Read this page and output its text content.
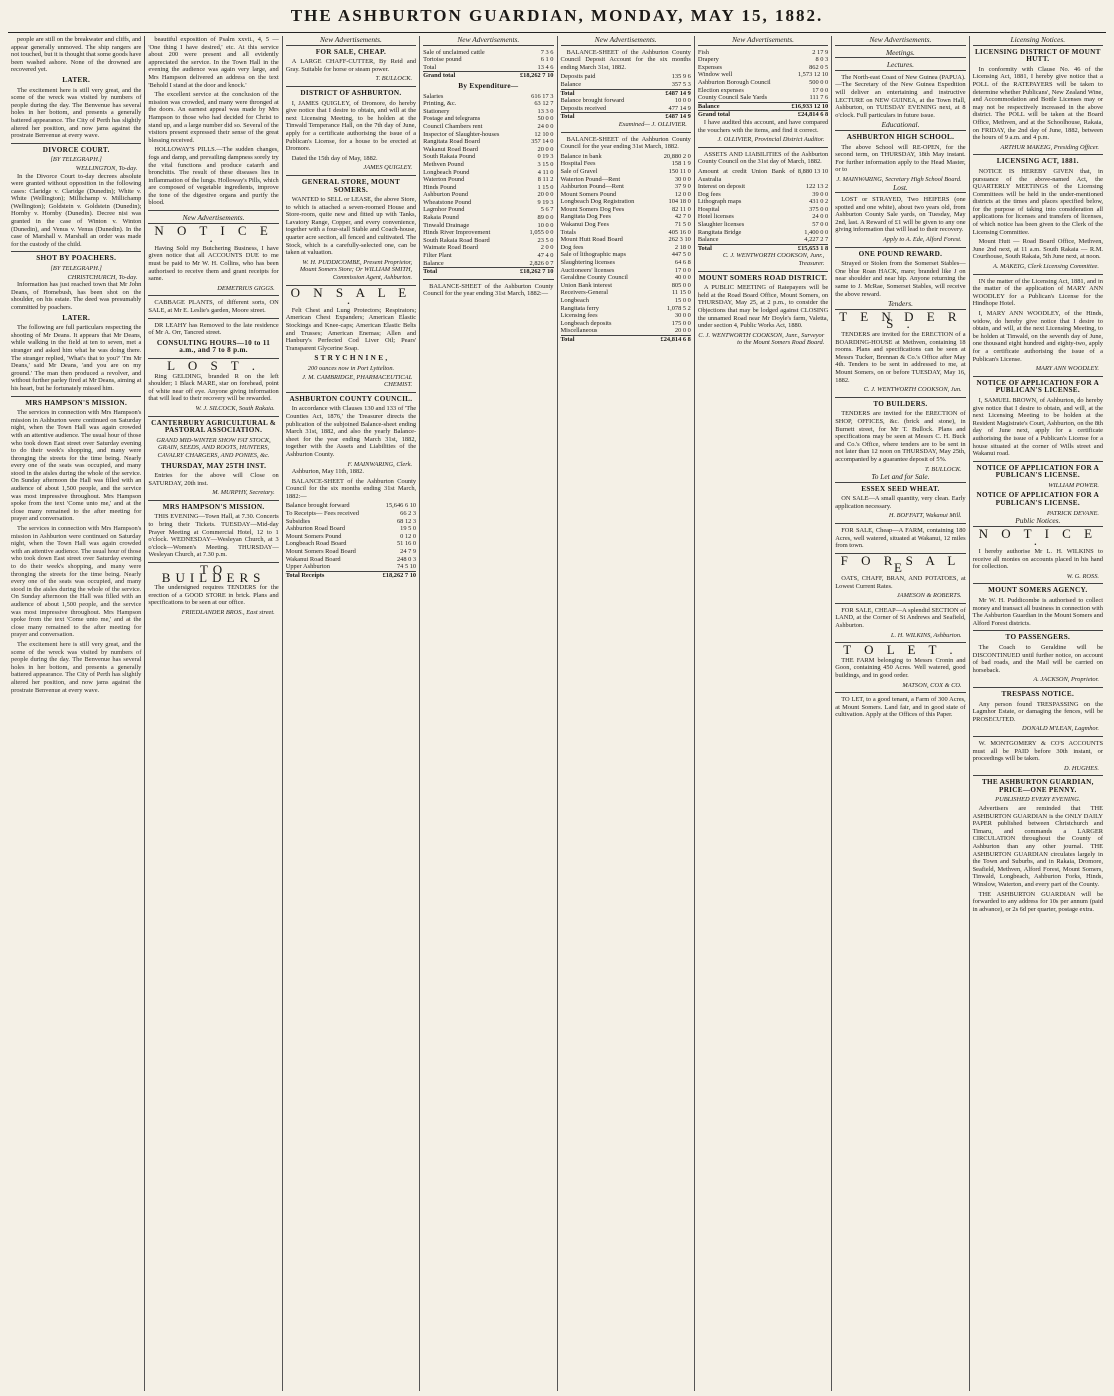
THE ASHBURTON GUARDIAN, MONDAY, MAY 15, 1882.

people are still on the breakwater and cliffs, and appear generally unmoved. The ship rangers are not touched, but it is thought that some goods have been washed ashore. None of the drowned are recovered yet.

LATER.

The excitement here is still very great, and the scene of the wreck was visited by numbers of people during the day. The Benvenue has several holes in her bottom, and presents a generally battered appearance. The City of Perth has slightly altered her position, and now jams against the prostrate Benvenue at every wave.

DIVORCE COURT.
[BY TELEGRAPH.]
WELLINGTON, To-day.

In the Divorce Court to-day decrees absolute were granted without opposition in the following cases: Claridge v. Claridge (Dunedin); White v. White (Wellington); Millichamp v. Millichamp (Wellington); Goldstein v. Goldstein (Dunedin); Hornby v. Hornby (Dunedin). Decree nisi was granted in the case of Winton v. Winton (Dunedin), and Venus v. Venus (Dunedin). In the case of Marshall v. Marshall an order was made for the custody of the child.

SHOT BY POACHERS.
[BY TELEGRAPH.]
CHRISTCHURCH, To-day.

Information has just reached town that Mr John Deans, of Homebush, has been shot on the shoulder, on his estate. The deed was presumably committed by poachers.

LATER.

The following are full particulars respecting the shooting of Mr Deans. It appears that Mr Deans, while walking in the field at ten to seven, met a stranger and asked him what he was doing there. The stranger replied, 'What's that to you?' 'I'm Mr Deans,' said Mr Deans, 'and you are on my ground.' The man then produced a revolver, and without further parley fired at Mr Deans, aiming at his heart, but he fortunately missed him.

MRS HAMPSON'S MISSION.

The services in connection with Mrs Hampson's mission in Ashburton were continued on Saturday night, when the Town Hall was again crowded with an attentive audience. The usual hour of those who took down East street over Saturday evening to do their week's shopping, and many were thronging the streets for the time being. Nearly every one of the seats was occupied, and many stood in the aisles during the whole of the service. On Sunday afternoon the Hall was filled with an audience of about 1,500 people, and the service was most impressive throughout. Mrs Hampson spoke from the text 'Come unto me,' and at the close many remained to the after meeting for prayer and conversation.

The services in connection with Mrs Hampson's mission in Ashburton were continued on Saturday night, when the Town Hall was again crowded with an attentive audience. The usual hour of those who took down East street over Saturday evening to do their week's shopping, and many were thronging the streets for the time being. Nearly every one of the seats was occupied, and many stood in the aisles during the whole of the service. On Sunday afternoon the Hall was filled with an audience of about 1,500 people, and the service was most impressive throughout. Mrs Hampson spoke from the text 'Come unto me,' and at the close many remained to the after meeting for prayer and conversation.

The excitement here is still very great, and the scene of the wreck was visited by numbers of people during the day. The Benvenue has several holes in her bottom, and presents a generally battered appearance. The City of Perth has slightly altered her position, and now jams against the prostrate Benvenue at every wave.

beautiful exposition of Psalm xxvii., 4, 5 — 'One thing I have desired,' etc. At this service about 200 were present and all evidently appreciated the service. In the Town Hall in the evening the audience was again very large, and Mrs Hampson delivered an address on the text 'Behold I stand at the door and knock.'

The excellent service at the conclusion of the mission was crowded, and many were thronged at the doors. An earnest appeal was made by Mrs Hampson to those who had decided for Christ to stand up, and a large number did so. Several of the visitors present expressed their sense of the great blessing received.

HOLLOWAY'S PILLS.—The sudden changes, fogs and damp, and prevailing dampness sorely try the vital functions and produce catarrh and bronchitis. The result of these diseases lies in inflammation of the lungs. Holloway's Pills, which are composed of vegetable ingredients, improve the tone of the digestive organs and purify the blood.

New Advertisements.
N O T I C E .

Having Sold my Butchering Business, I have given notice that all ACCOUNTS DUE to me must be paid to Mr W. H. Collins, who has been authorised to receive them and grant receipts for same.

DEMETRIUS GIGGS.

CABBAGE PLANTS, of different sorts, ON SALE, at Mr E. Leslie's garden, Moore street.

DR LEAHY has Removed to the late residence of Mr A. Orr, Tancred street.

CONSULTING HOURS—10 to 11 a.m., and 7 to 8 p.m.
L O S T .

Ring GELDING, branded R on the left shoulder; 1 Black MARE, star on forehead, point of white near off eye. Anyone giving information that will lead to their recovery will be rewarded.

W. J. SILCOCK, South Rakaia.
CANTERBURY AGRICULTURAL & PASTORAL ASSOCIATION.
GRAND MID-WINTER SHOW FAT STOCK, GRAIN, SEEDS, AND ROOTS, HUNTERS, CAVALRY CHARGERS, AND PONIES, &c.
THURSDAY, MAY 25TH INST.

Entries for the above will Close on SATURDAY, 20th inst.

M. MURPHY, Secretary.
MRS HAMPSON'S MISSION.

THIS EVENING—Town Hall, at 7.30. Concerts to bring their Tickets. TUESDAY—Mid-day Prayer Meeting at Commercial Hotel, 12 to 1 o'clock. WEDNESDAY—Wesleyan Church, at 3 o'clock—Women's Meeting. THURSDAY—Wesleyan Church, at 7.30 p.m.

TO BUILDERS

The undersigned requires TENDERS for the erection of a GOOD STORE in brick. Plans and specifications to be seen at our office.

FRIEDLANDER BROS., East street.
New Advertisements.
FOR SALE, CHEAP.

A LARGE CHAFF-CUTTER, By Reid and Gray. Suitable for horse or steam power.

T. BULLOCK.
DISTRICT OF ASHBURTON.

I, JAMES QUIGLEY, of Dromore, do hereby give notice that I desire to obtain, and will at the next Licensing Meeting, to be holden at the Tinwald Temperance Hall, on the 7th day of June, apply for a certificate authorising the issue of a Publican's License, for a house to be erected at Dromore.

Dated the 15th day of May, 1882.

JAMES QUIGLEY.
GENERAL STORE, MOUNT SOMERS.

WANTED to SELL or LEASE, the above Store, to which is attached a seven-roomed House and Store-room, quite new and fitted up with Tanks, Lavatory Range, Copper, and every convenience, together with a four-stall Stable and Coach-house, quarter acre section, all fenced and cultivated. The Stock, which is a carefully-selected one, can be taken at valuation.

W. H. PUDDICOMBE, Present Proprietor, Mount Somers Store; Or WILLIAM SMITH, Commission Agent, Ashburton.
O N S A L E .

Felt Chest and Lung Protectors; Respirators; American Chest Expanders; American Elastic Stockings and Knee-caps; American Elastic Belts and Trusses; American Enemas; Allen and Hanbury's Perfected Cod Liver Oil; Pears' Transparent Glycerine Soap.

S T R Y C H N I N E ,
200 ounces now in Port Lyttelton.
J. M. CAMBRIDGE, PHARMACEUTICAL CHEMIST.
ASHBURTON COUNTY COUNCIL.

In accordance with Clauses 130 and 133 of 'The Counties Act, 1876,' the Treasurer directs the publication of the subjoined Balance-sheet ending March 31st, 1882, and also the yearly Balance-sheet for the year ending March 31st, 1882, together with the Assets and Liabilities of the Ashburton County.

F. MAINWARING, Clerk.

Ashburton, May 11th, 1882.

BALANCE-SHEET of the Ashburton County Council for the six months ending 31st March, 1882:—

Balance brought forward	15,646 6 10
To Receipts— Fees received	66 2 3
Subsidies	68 12 3
Ashburton Road Board	19 5 0
Mount Somers Pound	0 12 0
Longbeach Road Board	51 16 0
Mount Somers Road Board	24 7 9
Wakanui Road Board	248 0 3
Upper Ashburton	74 5 10
Total Receipts	£18,262 7 10
New Advertisements.
Sale of unclaimed cattle	7 3 6
Tortoise pound	6 1 0
Total	13 4 6
Grand total	£18,262 7 10
By Expenditure—
Salaries	616 17 3
Printing, &c.	63 12 7
Stationery	13 3 0
Postage and telegrams	50 0 0
Council Chambers rent	24 0 0
Inspector of Slaughter-houses	12 10 0
Rangitata Road Board	357 14 0
Wakanui Road Board	20 0 0
South Rakaia Pound	0 19 3
Methven Pound	3 15 0
Longbeach Pound	4 11 0
Waterton Pound	8 11 2
Hinds Pound	1 15 0
Ashburton Pound	20 0 0
Wheatstone Pound	9 19 3
Lagmhor Pound	5 6 7
Rakaia Pound	89 0 0
Tinwald Drainage	10 0 0
Hinds River Improvement	1,055 0 0
South Rakaia Road Board	23 5 0
Waimate Road Board	2 0 0
Filter Plant	47 4 0
Balance	2,826 0 7
Total	£18,262 7 10

BALANCE-SHEET of the Ashburton County Council for the year ending 31st March, 1882:—

New Advertisements.

BALANCE-SHEET of the Ashburton County Council Deposit Account for the six months ending March 31st, 1882.

Deposits paid	135 9 6
Balance	357 5 3
Total	£487 14 9
Balance brought forward	10 0 0
Deposits received	477 14 9
Total	£487 14 9
Examined— J. OLLIVIER.

BALANCE-SHEET of the Ashburton County Council for the year ending 31st March, 1882.

Balance in bank	20,880 2 0
Hospital Fees	158 1 9
Sale of Gravel	150 11 0
Waterton Pound—Rent	30 0 0
Ashburton Pound—Rent	37 9 0
Mount Somers Pound	12 0 0
Longbeach Dog Registration	104 18 0
Mount Somers Dog Fees	82 11 0
Rangitata Dog Fees	42 7 0
Wakanui Dog Fees	71 5 0
Totals	405 16 0
Mount Hutt Road Board	262 3 10
Dog fees	2 18 0
Sale of lithographic maps	447 5 0
Slaughtering licenses	64 6 8
Auctioneers' licenses	17 0 0
Geraldine County Council	40 0 0
Union Bank interest	805 0 0
Receivers-General	11 15 0
Longbeach	15 0 0
Rangitata ferry	1,078 5 2
Licensing fees	30 0 0
Longbeach deposits	175 0 0
Miscellaneous	20 0 0
Total	£24,814 6 8
New Advertisements.
Fish	2 17 9
Drapery	8 0 3
Expenses	862 0 5
Window well	1,573 12 10
Ashburton Borough Council	500 0 0
Election expenses	17 0 0
County Council Sale Yards	111 7 6
Balance	£16,933 12 10
Grand total	£24,814 6 8

I have audited this account, and have compared the vouchers with the items, and find it correct.

J. OLLIVIER, Provincial District Auditor.

ASSETS AND LIABILITIES of the Ashburton County Council on the 31st day of March, 1882.

Amount at credit Union Bank of Australia
8,880 13 10
Interest on deposit	122 13 2
Dog fees	39 0 0
Lithograph maps	431 0 2
Hospital	375 0 0
Hotel licenses	24 0 0
Slaughter licenses	57 0 0
Rangitata Bridge	1,400 0 0
Balance	4,227 2 7
Total	£15,653 1 8
C. J. WENTWORTH COOKSON, Junr., Treasurer.
MOUNT SOMERS ROAD DISTRICT.

A PUBLIC MEETING of Ratepayers will be held at the Road Board Office, Mount Somers, on THURSDAY, May 25, at 2 p.m., to consider the Objections that may be lodged against CLOSING the unnamed Road near Mr Doyle's farm, Valetta, under section 4, Public Works Act, 1880.

C. J. WENTWORTH COOKSON, Junr., Surveyor to the Mount Somers Road Board.
New Advertisements.
Meetings.
Lectures.

The North-east Coast of New Guinea (PAPUA).—The Secretary of the New Guinea Expedition will deliver an entertaining and instructive LECTURE on NEW GUINEA, at the Town Hall, Ashburton, on TUESDAY EVENING next, at 8 o'clock. Full particulars in future issue.

Educational.
ASHBURTON HIGH SCHOOL.

The above School will RE-OPEN, for the second term, on THURSDAY, 18th May instant. For further information apply to the Head Master, or to

J. MAINWARING, Secretary High School Board.
Lost.

LOST or STRAYED, Two HEIFERS (one spotted and one white), about two years old, from Ashburton County Sale yards, on Tuesday, May 2nd, last. A Reward of £1 will be given to any one giving information that will lead to their recovery.

Apply to A. Ede, Alford Forest.
ONE POUND REWARD.

Strayed or Stolen from the Somerset Stables—One blue Roan HACK, mare; branded like J on near shoulder and near hip. Anyone returning the same to J. McRae, Somerset Stables, will receive the above reward.

Tenders.
T E N D E R S .

TENDERS are invited for the ERECTION of a BOARDING-HOUSE at Methven, containing 18 rooms. Plans and specifications can be seen at Messrs Tucker, Brennan & Co.'s Office after May 4th. Tenders to be sent in addressed to me, at Mount Somers, on or before TUESDAY, May 16, 1882.

C. J. WENTWORTH COOKSON, Jun.
TO BUILDERS.

TENDERS are invited for the ERECTION of SHOP, OFFICES, &c. (brick and stone), in Burnett street, for Mr T. Bullock. Plans and specifications may be seen at Messrs C. H. Buck and Co.'s Office, where tenders are to be sent in not later than 12 noon on THURSDAY, May 25th, accompanied by a guarantee deposit of 5%.

T. BULLOCK.
To Let and for Sale.
ESSEX SEED WHEAT.

ON SALE—A small quantity, very clean. Early application necessary.

H. BOFFATT, Wakanui Mill.

FOR SALE, Cheap—A FARM, containing 180 Acres, well watered, situated at Wakanui, 12 miles from town.

F O R S A L E

OATS, CHAFF, BRAN, AND POTATOES, at Lowest Current Rates.

JAMESON & ROBERTS.

FOR SALE, CHEAP—A splendid SECTION of LAND, at the Corner of St Andrews and Seafield, Ashburton.

L. H. WILKINS, Ashburton.
T O L E T .

THE FARM belonging to Messrs Cronin and Goon, containing 450 Acres. Well watered, good buildings, and in good order.

MATSON, COX & CO.

TO LET, to a good tenant, a Farm of 300 Acres, at Mount Somers. Land fair, and in good state of cultivation. Apply at the Offices of this Paper.

Licensing Notices.
LICENSING DISTRICT OF MOUNT HUTT.

In conformity with Clause No. 46 of the Licensing Act, 1881, I hereby give notice that a POLL of the RATEPAYERS will be taken to determine whether Publicans', New Zealand Wine, and Accommodation and Bottle Licenses may or may not be respectively increased in the above district. The POLL will be taken at the Board Office, Methven, and at the Schoolhouse, Rakaia, on FRIDAY, the 2nd day of June, 1882, between the hours of 9 a.m. and 4 p.m.

ARTHUR MAKEIG, Presiding Officer.
LICENSING ACT, 1881.

NOTICE IS HEREBY GIVEN that, in pursuance of the above-named Act, the QUARTERLY MEETINGS of the Licensing Committees will be held in the under-mentioned districts at the times and places specified below, for the purpose of taking into consideration all applications for licenses and transfers of licenses, of which notice has been given to the Clerk of the Licensing Committee.

Mount Hutt — Road Board Office, Methven, June 2nd next, at 11 a.m. South Rakaia — R.M. Courthouse, South Rakaia, 5th June next, at noon.

A. MAKEIG, Clerk Licensing Committee.

IN the matter of the Licensing Act, 1881, and in the matter of the application of MARY ANN WOODLEY for a Publican's License for the Hindhope Hotel.

I, MARY ANN WOODLEY, of the Hinds, widow, do hereby give notice that I desire to obtain, and will, at the next Licensing Meeting, to be holden at Tinwald, on the seventh day of June, one thousand eight hundred and eighty-two, apply for a certificate authorising the issue of a Publican's License.

MARY ANN WOODLEY.
NOTICE OF APPLICATION FOR A PUBLICAN'S LICENSE.

I, SAMUEL BROWN, of Ashburton, do hereby give notice that I desire to obtain, and will, at the next Licensing Meeting to be holden at the Resident Magistrate's Court, Ashburton, on the 8th day of June next, apply for a certificate authorising the issue of a Publican's License for a house situated at the corner of Wills street and Wakanui road.

NOTICE OF APPLICATION FOR A PUBLICAN'S LICENSE.
WILLIAM POWER.
NOTICE OF APPLICATION FOR A PUBLICAN'S LICENSE.
PATRICK DEVANE.
Public Notices.
N O T I C E .

I hereby authorise Mr L. H. WILKINS to receive all monies on accounts placed in his hand for collection.

W. G. ROSS.
MOUNT SOMERS AGENCY.

Mr W. H. Puddicombe is authorised to collect money and transact all business in connection with The Ashburton Guardian in the Mount Somers and Alford Forest districts.

TO PASSENGERS.

The Coach to Geraldine will be DISCONTINUED until further notice, on account of bad roads, and the Mail will be carried on horseback.

A. JACKSON, Proprietor.
TRESPASS NOTICE.

Any person found TRESPASSING on the Lagmhor Estate, or damaging the fences, will be PROSECUTED.

DONALD M'LEAN, Lagmhor.

W. MONTGOMERY & CO'S ACCOUNTS must all be PAID before 30th instant, or proceedings will be taken.

D. HUGHES.
THE ASHBURTON GUARDIAN, PRICE—ONE PENNY.
PUBLISHED EVERY EVENING.

Advertisers are reminded that THE ASHBURTON GUARDIAN is the ONLY DAILY PAPER published between Christchurch and Timaru, and commands a LARGER CIRCULATION throughout the County of Ashburton than any other journal. THE ASHBURTON GUARDIAN circulates largely in the Town and Suburbs, and in Rakaia, Dromore, Seafield, Methven, Alford Forest, Mount Somers, Tinwald, Longbeach, Ashburton Forks, Hinds, Winslow, Waterton, and every part of the County.

THE ASHBURTON GUARDIAN will be forwarded to any address for 10s per annum (paid in advance), or 2s 6d per quarter, postage extra.
